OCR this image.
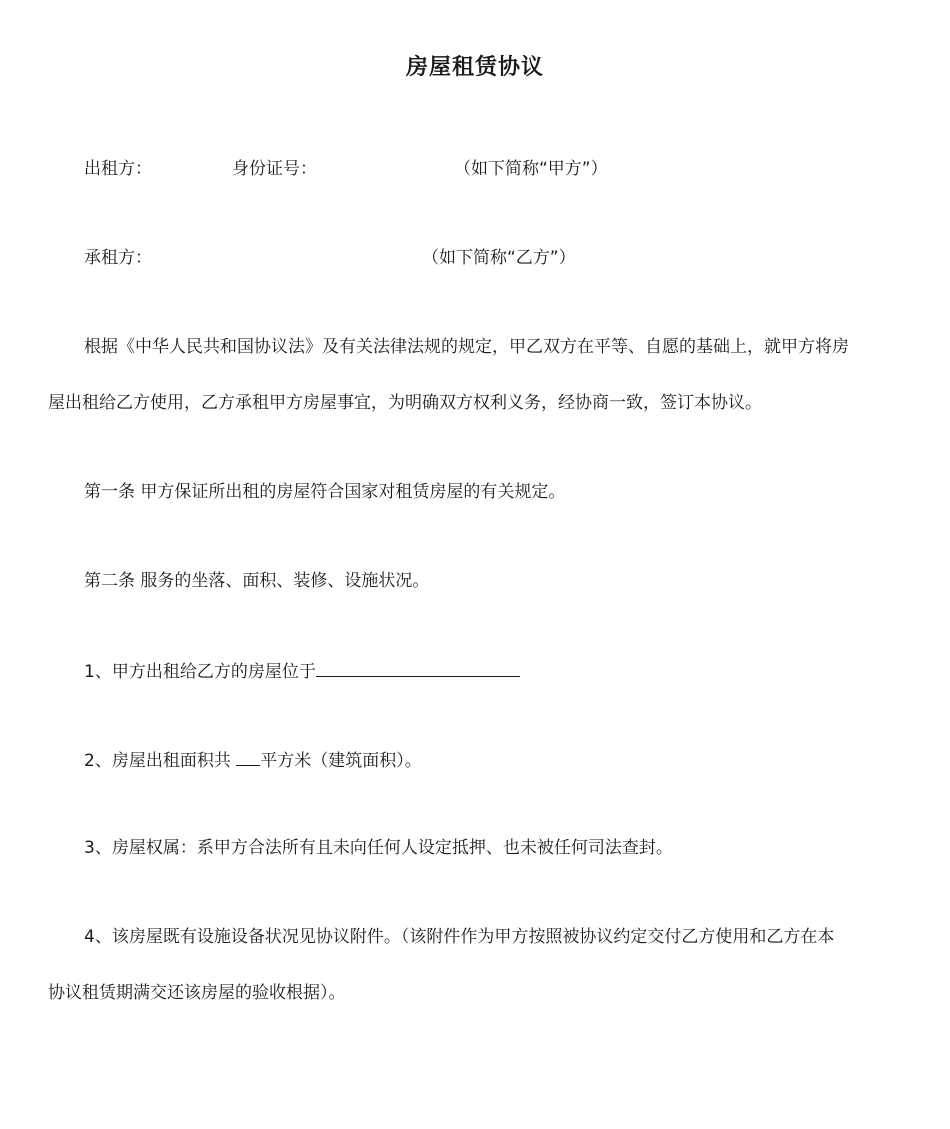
房屋租赁协议
出租方：	身份证号：	（如下简称“甲方”）
承租方：	（如下简称“乙方”）
根据《中华人民共和国协议法》及有关法律法规的规定，甲乙双方在平等、自愿的基础上，就甲方将房
屋出租给乙方使用，乙方承租甲方房屋事宜，为明确双方权利义务，经协商一致，签订本协议。
第一条 甲方保证所出租的房屋符合国家对租赁房屋的有关规定。
第二条 服务的坐落、面积、装修、设施状况。
1、甲方出租给乙方的房屋位于
2、房屋出租面积共 平方米（建筑面积）。
3、房屋权属：系甲方合法所有且未向任何人设定抵押、也未被任何司法查封。
4、该房屋既有设施设备状况见协议附件。（该附件作为甲方按照被协议约定交付乙方使用和乙方在本
协议租赁期满交还该房屋的验收根据）。
